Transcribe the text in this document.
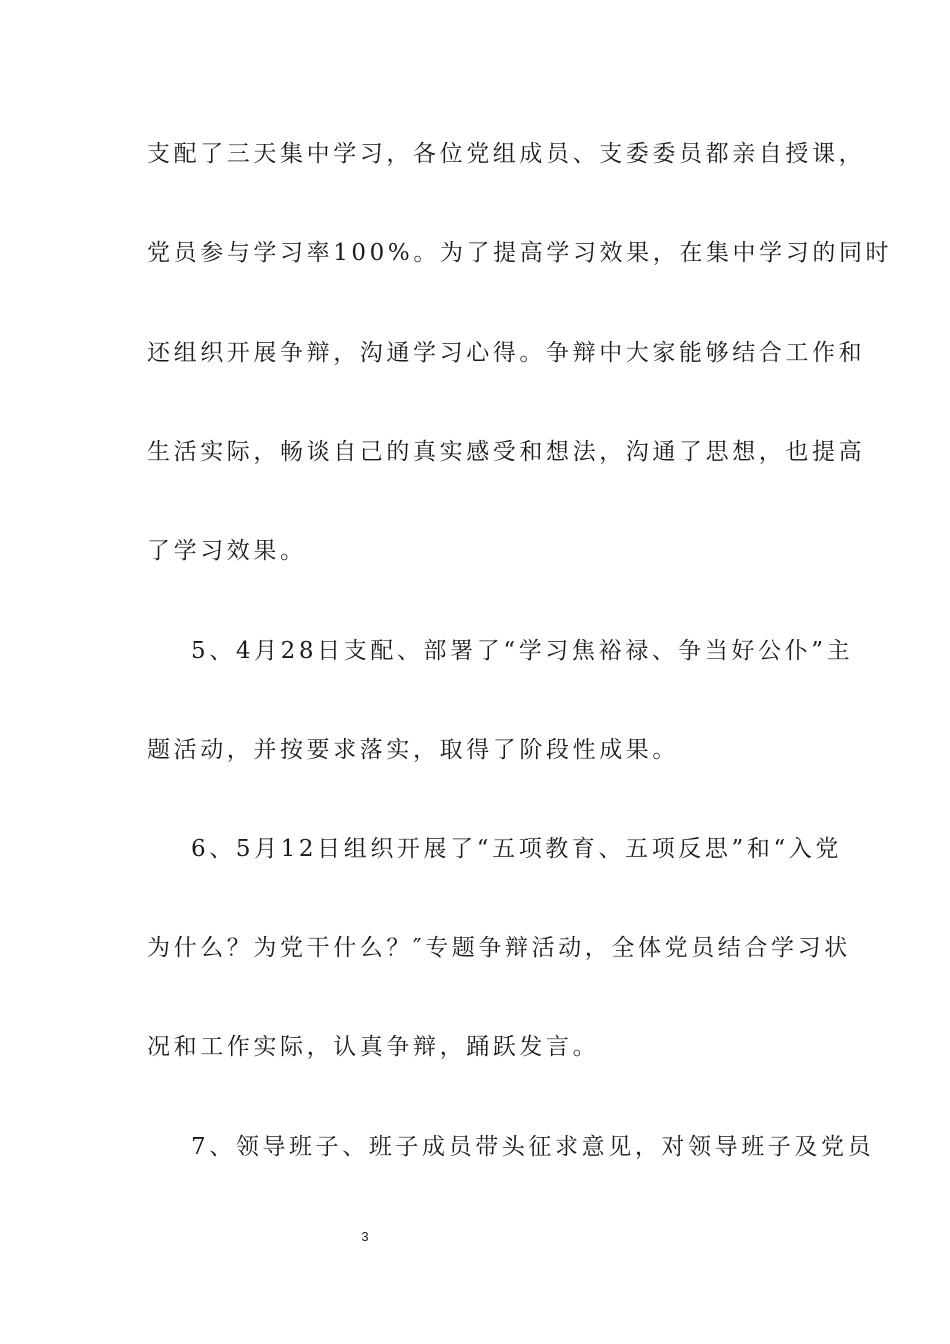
支配了三天集中学习，各位党组成员、支委委员都亲自授课，
党员参与学习率100%。为了提高学习效果，在集中学习的同时
还组织开展争辩，沟通学习心得。争辩中大家能够结合工作和
生活实际，畅谈自己的真实感受和想法，沟通了思想，也提高
了学习效果。
5、4月28日支配、部署了“学习焦裕禄、争当好公仆”主
题活动，并按要求落实，取得了阶段性成果。
6、5月12日组织开展了“五项教育、五项反思”和“入党
为什么？为党干什么？″专题争辩活动，全体党员结合学习状
况和工作实际，认真争辩，踊跃发言。
7、领导班子、班子成员带头征求意见，对领导班子及党员
3
